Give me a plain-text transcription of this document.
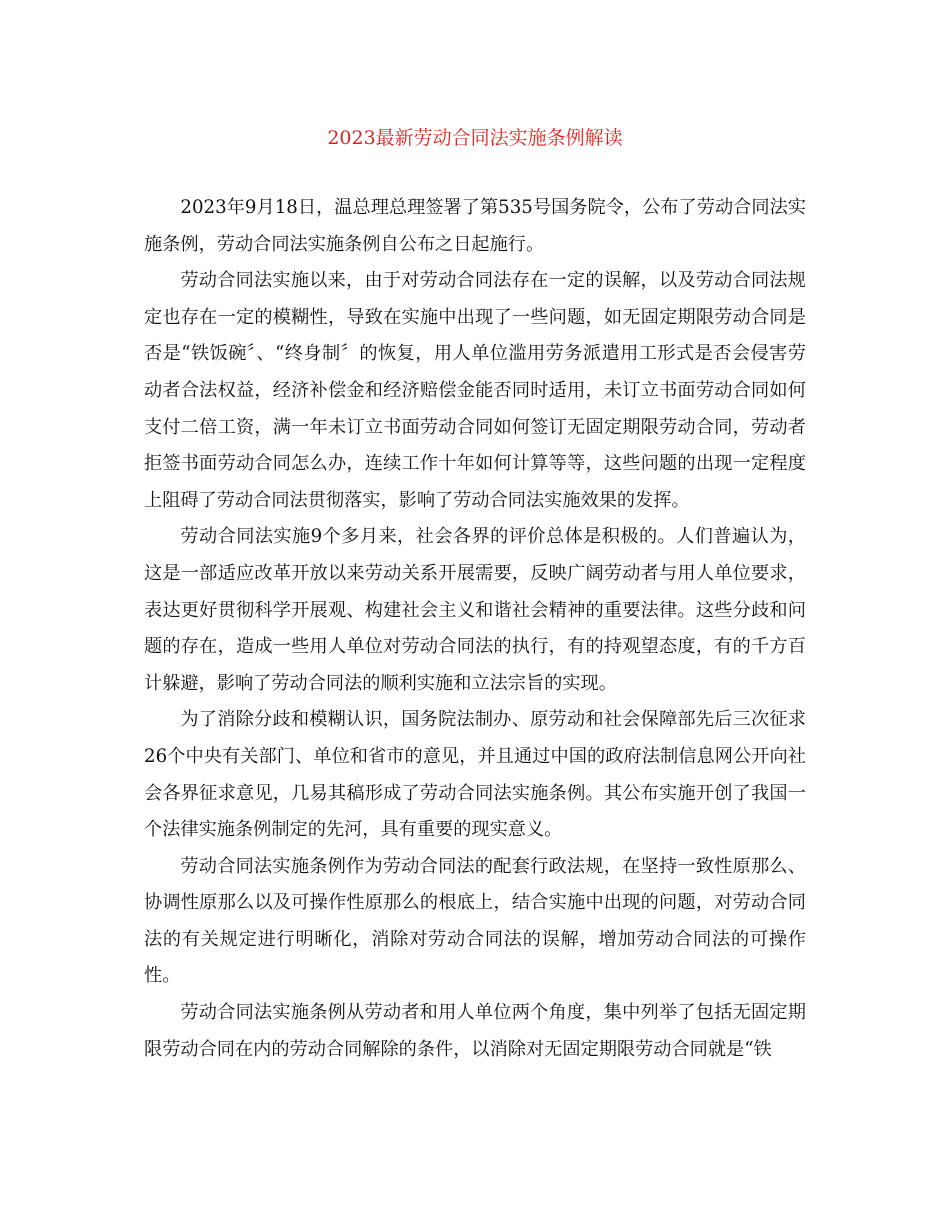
2023最新劳动合同法实施条例解读

2023年9月18日，温总理总理签署了第535号国务院令，公布了劳动合同法实施条例，劳动合同法实施条例自公布之日起施行。

劳动合同法实施以来，由于对劳动合同法存在一定的误解，以及劳动合同法规定也存在一定的模糊性，导致在实施中出现了一些问题，如无固定期限劳动合同是否是“铁饭碗〞、“终身制〞的恢复，用人单位滥用劳务派遣用工形式是否会侵害劳动者合法权益，经济补偿金和经济赔偿金能否同时适用，未订立书面劳动合同如何支付二倍工资，满一年未订立书面劳动合同如何签订无固定期限劳动合同，劳动者拒签书面劳动合同怎么办，连续工作十年如何计算等等，这些问题的出现一定程度上阻碍了劳动合同法贯彻落实，影响了劳动合同法实施效果的发挥。

劳动合同法实施9个多月来，社会各界的评价总体是积极的。人们普遍认为，这是一部适应改革开放以来劳动关系开展需要，反映广阔劳动者与用人单位要求，表达更好贯彻科学开展观、构建社会主义和谐社会精神的重要法律。这些分歧和问题的存在，造成一些用人单位对劳动合同法的执行，有的持观望态度，有的千方百计躲避，影响了劳动合同法的顺利实施和立法宗旨的实现。

为了消除分歧和模糊认识，国务院法制办、原劳动和社会保障部先后三次征求26个中央有关部门、单位和省市的意见，并且通过中国的政府法制信息网公开向社会各界征求意见，几易其稿形成了劳动合同法实施条例。其公布实施开创了我国一个法律实施条例制定的先河，具有重要的现实意义。

劳动合同法实施条例作为劳动合同法的配套行政法规，在坚持一致性原那么、协调性原那么以及可操作性原那么的根底上，结合实施中出现的问题，对劳动合同法的有关规定进行明晰化，消除对劳动合同法的误解，增加劳动合同法的可操作性。

劳动合同法实施条例从劳动者和用人单位两个角度，集中列举了包括无固定期限劳动合同在内的劳动合同解除的条件，以消除对无固定期限劳动合同就是“铁
